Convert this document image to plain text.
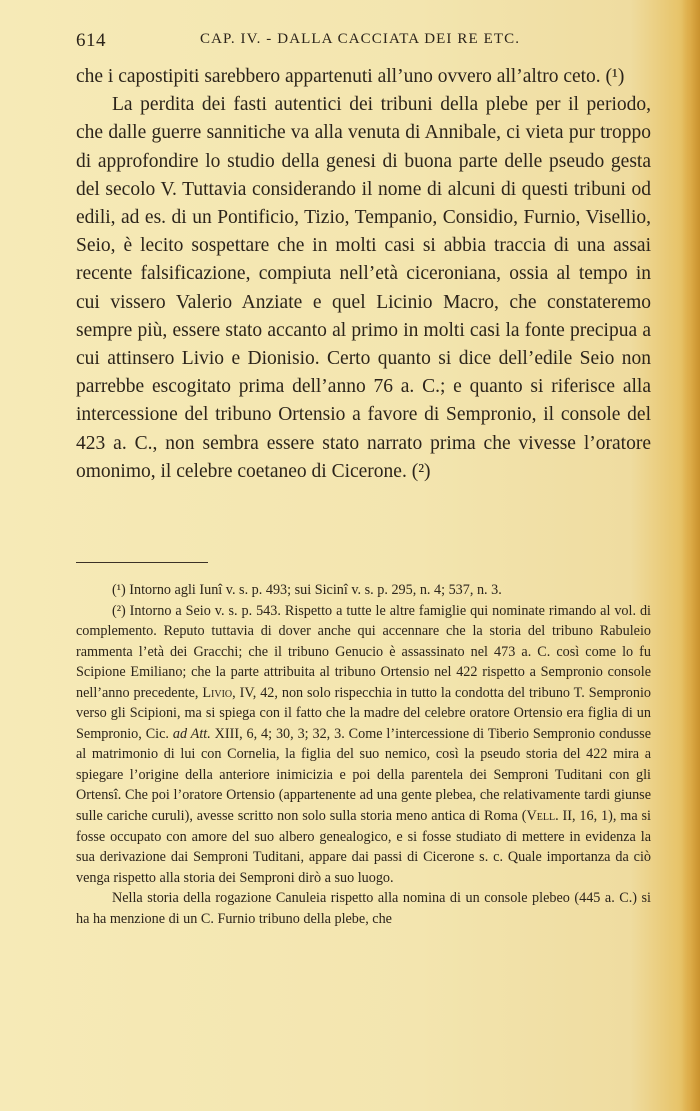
614	CAP. IV. - DALLA CACCIATA DEI RE ETC.

che i capostipiti sarebbero appartenuti all’uno ovvero all’altro ceto. (¹)

La perdita dei fasti autentici dei tribuni della plebe per il periodo, che dalle guerre sannitiche va alla venuta di Annibale, ci vieta pur troppo di approfondire lo studio della genesi di buona parte delle pseudo gesta del secolo V. Tuttavia considerando il nome di alcuni di questi tribuni od edili, ad es. di un Pontificio, Tizio, Tempanio, Considio, Furnio, Visellio, Seio, è lecito sospettare che in molti casi si abbia traccia di una assai recente falsificazione, compiuta nell’età ciceroniana, ossia al tempo in cui vissero Valerio Anziate e quel Licinio Macro, che constateremo sempre più, essere stato accanto al primo in molti casi la fonte precipua a cui attinsero Livio e Dionisio. Certo quanto si dice dell’edile Seio non parrebbe escogitato prima dell’anno 76 a. C.; e quanto si riferisce alla intercessione del tribuno Ortensio a favore di Sempronio, il console del 423 a. C., non sembra essere stato narrato prima che vivesse l’oratore omonimo, il celebre coetaneo di Cicerone. (²)

(¹) Intorno agli Iunî v. s. p. 493; sui Sicinî v. s. p. 295, n. 4; 537, n. 3.

(²) Intorno a Seio v. s. p. 543. Rispetto a tutte le altre famiglie qui nominate rimando al vol. di complemento. Reputo tuttavia di dover anche qui accennare che la storia del tribuno Rabuleio rammenta l’età dei Gracchi; che il tribuno Genucio è assassinato nel 473 a. C. così come lo fu Scipione Emiliano; che la parte attribuita al tribuno Ortensio nel 422 rispetto a Sempronio console nell’anno precedente, Livio, IV, 42, non solo rispecchia in tutto la condotta del tribuno T. Sempronio verso gli Scipioni, ma si spiega con il fatto che la madre del celebre oratore Ortensio era figlia di un Sempronio, Cic. ad Att. XIII, 6, 4; 30, 3; 32, 3. Come l’intercessione di Tiberio Sempronio condusse al matrimonio di lui con Cornelia, la figlia del suo nemico, così la pseudo storia del 422 mira a spiegare l’origine della anteriore inimicizia e poi della parentela dei Semproni Tuditani con gli Ortensî. Che poi l’oratore Ortensio (appartenente ad una gente plebea, che relativamente tardi giunse sulle cariche curuli), avesse scritto non solo sulla storia meno antica di Roma (Vell. II, 16, 1), ma si fosse occupato con amore del suo albero genealogico, e si fosse studiato di mettere in evidenza la sua derivazione dai Semproni Tuditani, appare dai passi di Cicerone s. c. Quale importanza da ciò venga rispetto alla storia dei Semproni dirò a suo luogo.

Nella storia della rogazione Canuleia rispetto alla nomina di un console plebeo (445 a. C.) si ha ha menzione di un C. Furnio tribuno della plebe, che
